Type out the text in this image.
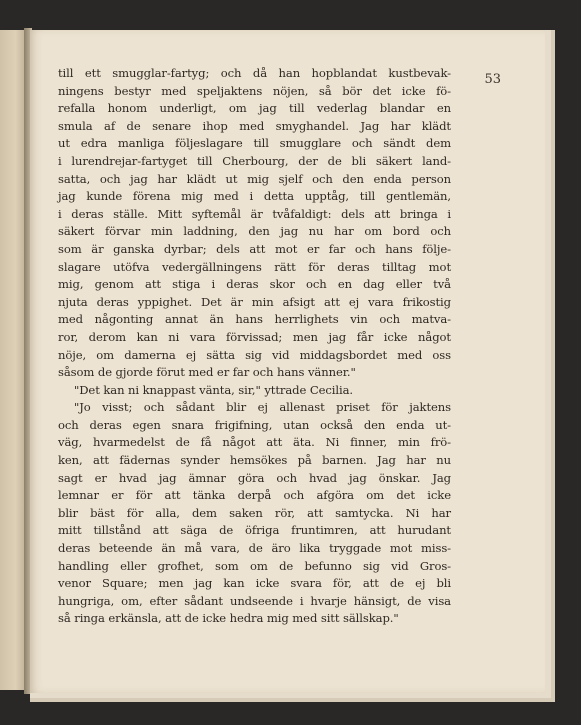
53
till ett smugglar-fartyg; och då han hopblandat kustbevak-
ningens bestyr med speljaktens nöjen, så bör det icke fö-
refalla honom underligt, om jag till vederlag blandar en
smula af de senare ihop med smyghandel. Jag har klädt
ut edra manliga följeslagare till smugglare och sändt dem
i lurendrejar-fartyget till Cherbourg, der de bli säkert land-
satta, och jag har klädt ut mig sjelf och den enda person
jag kunde förena mig med i detta upptåg, till gentlemän,
i deras ställe. Mitt syftemål är tvåfaldigt: dels att bringa i
säkert förvar min laddning, den jag nu har om bord och
som är ganska dyrbar; dels att mot er far och hans följe-
slagare utöfva vedergällningens rätt för deras tilltag mot
mig, genom att stiga i deras skor och en dag eller två
njuta deras yppighet. Det är min afsigt att ej vara frikostig
med någonting annat än hans herrlighets vin och matva-
ror, derom kan ni vara förvissad; men jag får icke något
nöje, om damerna ej sätta sig vid middagsbordet med oss
såsom de gjorde förut med er far och hans vänner."
"Det kan ni knappast vänta, sir," yttrade Cecilia.
"Jo visst; och sådant blir ej allenast priset för jaktens
och deras egen snara frigifning, utan också den enda ut-
väg, hvarmedelst de få något att äta. Ni finner, min frö-
ken, att fädernas synder hemsökes på barnen. Jag har nu
sagt er hvad jag ämnar göra och hvad jag önskar. Jag
lemnar er för att tänka derpå och afgöra om det icke
blir bäst för alla, dem saken rör, att samtycka. Ni har
mitt tillstånd att säga de öfriga fruntimren, att hurudant
deras beteende än må vara, de äro lika tryggade mot miss-
handling eller grofhet, som om de befunno sig vid Gros-
venor Square; men jag kan icke svara för, att de ej bli
hungriga, om, efter sådant undseende i hvarje hänsigt, de visa
så ringa erkänsla, att de icke hedra mig med sitt sällskap."
